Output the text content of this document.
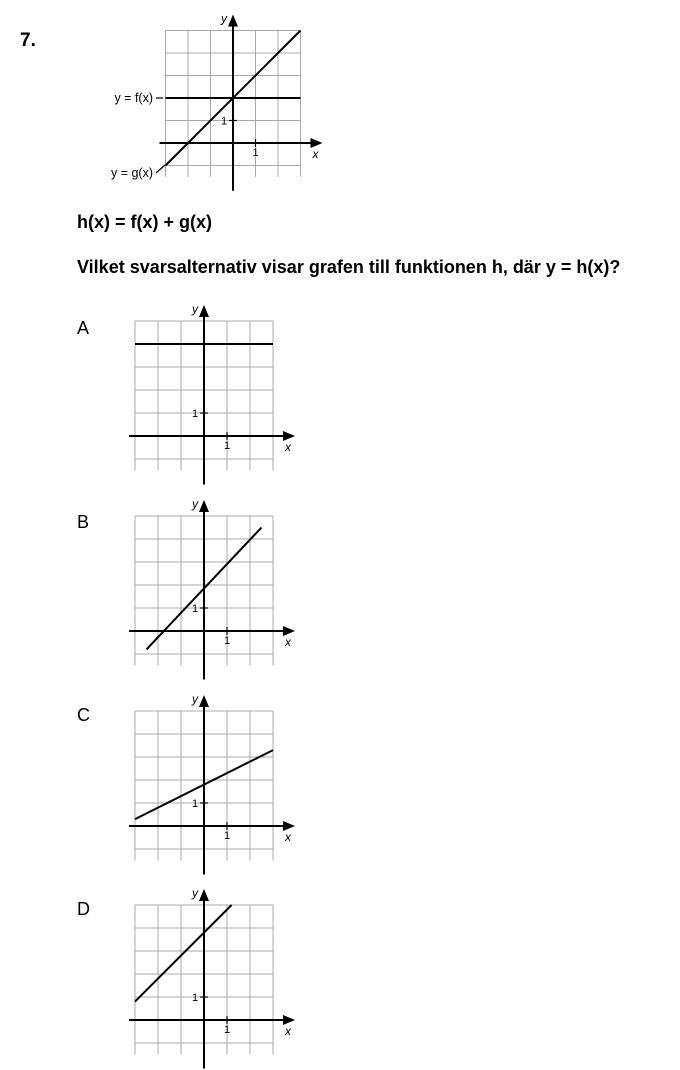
7.
1
1
x
y
y = f(x)
y = g(x)
h(x) = f(x) + g(x)
Vilket svarsalternativ visar grafen till funktionen h, där y = h(x)?
A
1
1
x
y
B
1
1
x
y
C
1
1
x
y
D
1
1
x
y
